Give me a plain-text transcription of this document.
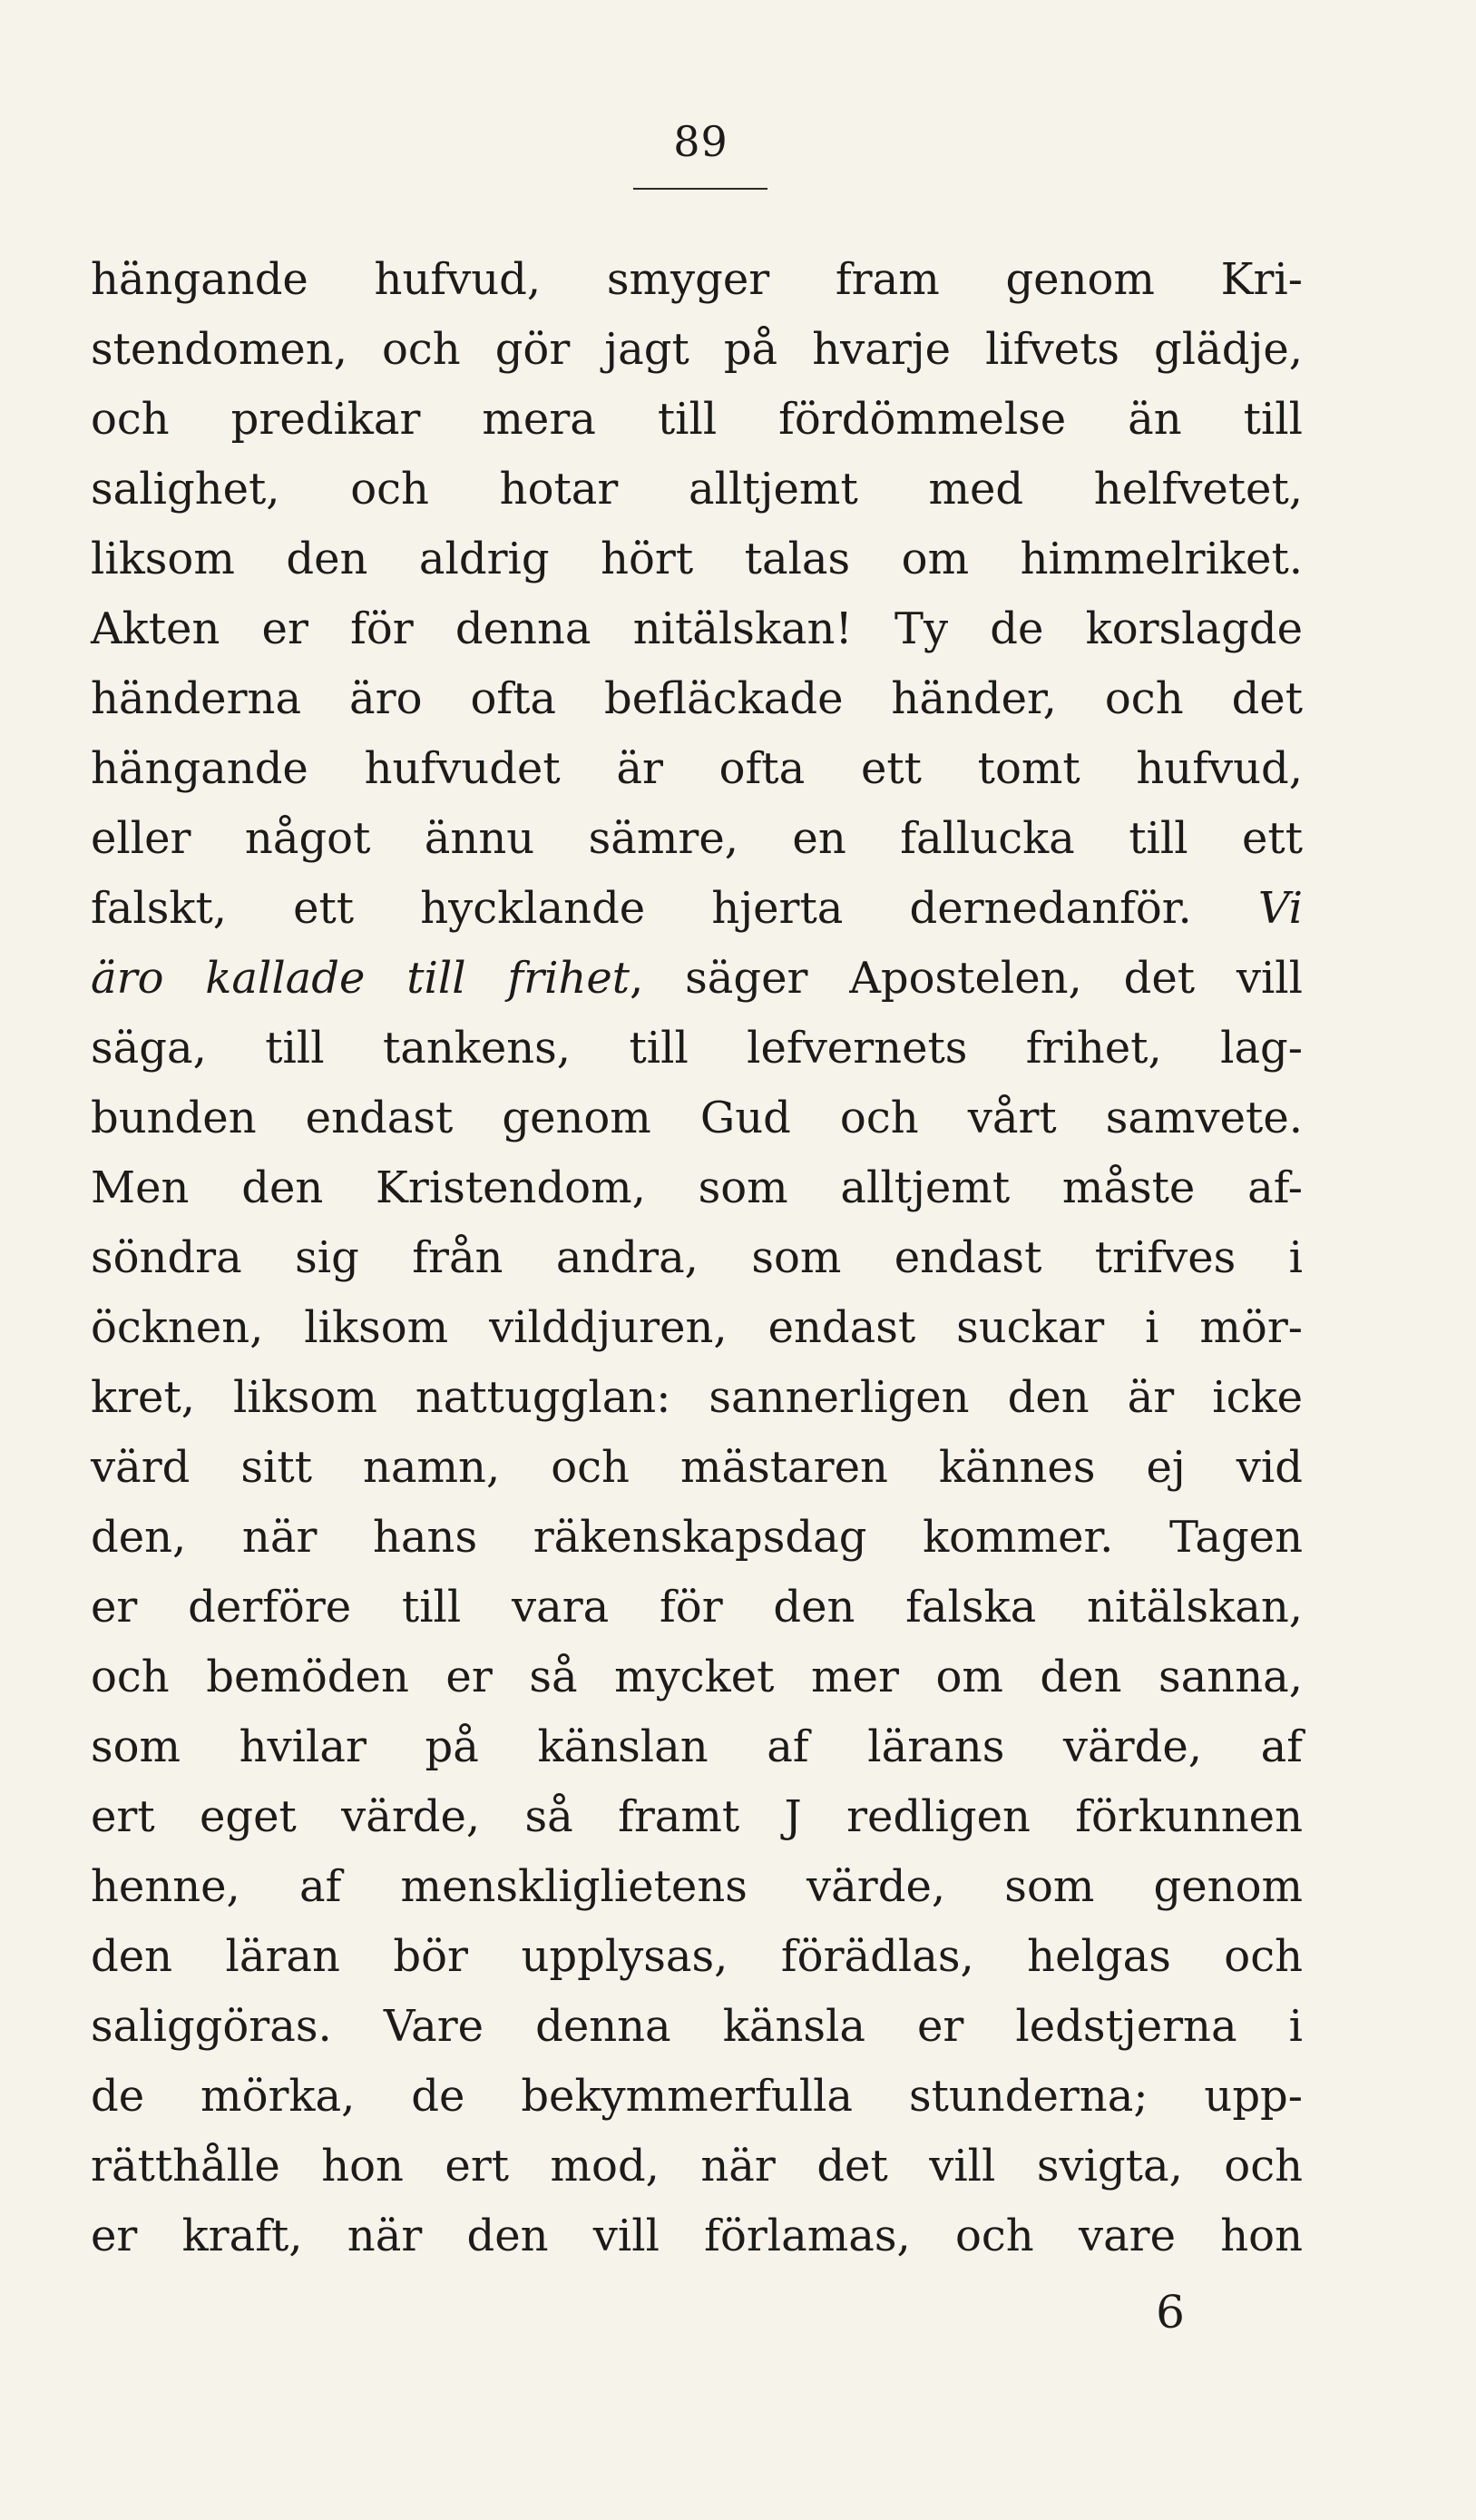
89
hängande hufvud, smyger fram genom Kri-
stendomen, och gör jagt på hvarje lifvets glädje,
och predikar mera till fördömmelse än till
salighet, och hotar alltjemt med helfvetet,
liksom den aldrig hört talas om himmelriket.
Akten er för denna nitälskan! Ty de korslagde
händerna äro ofta befläckade händer, och det
hängande hufvudet är ofta ett tomt hufvud,
eller något ännu sämre, en fallucka till ett
falskt, ett hycklande hjerta dernedanför. Vi
äro kallade till frihet, säger Apostelen, det vill
säga, till tankens, till lefvernets frihet, lag-
bunden endast genom Gud och vårt samvete.
Men den Kristendom, som alltjemt måste af-
söndra sig från andra, som endast trifves i
öcknen, liksom vilddjuren, endast suckar i mör-
kret, liksom nattugglan: sannerligen den är icke
värd sitt namn, och mästaren kännes ej vid
den, när hans räkenskapsdag kommer. Tagen
er derföre till vara för den falska nitälskan,
och bemöden er så mycket mer om den sanna,
som hvilar på känslan af lärans värde, af
ert eget värde, så framt J redligen förkunnen
henne, af menskliglietens värde, som genom
den läran bör upplysas, förädlas, helgas och
saliggöras. Vare denna känsla er ledstjerna i
de mörka, de bekymmerfulla stunderna; upp-
rätthålle hon ert mod, när det vill svigta, och
er kraft, när den vill förlamas, och vare hon
6
